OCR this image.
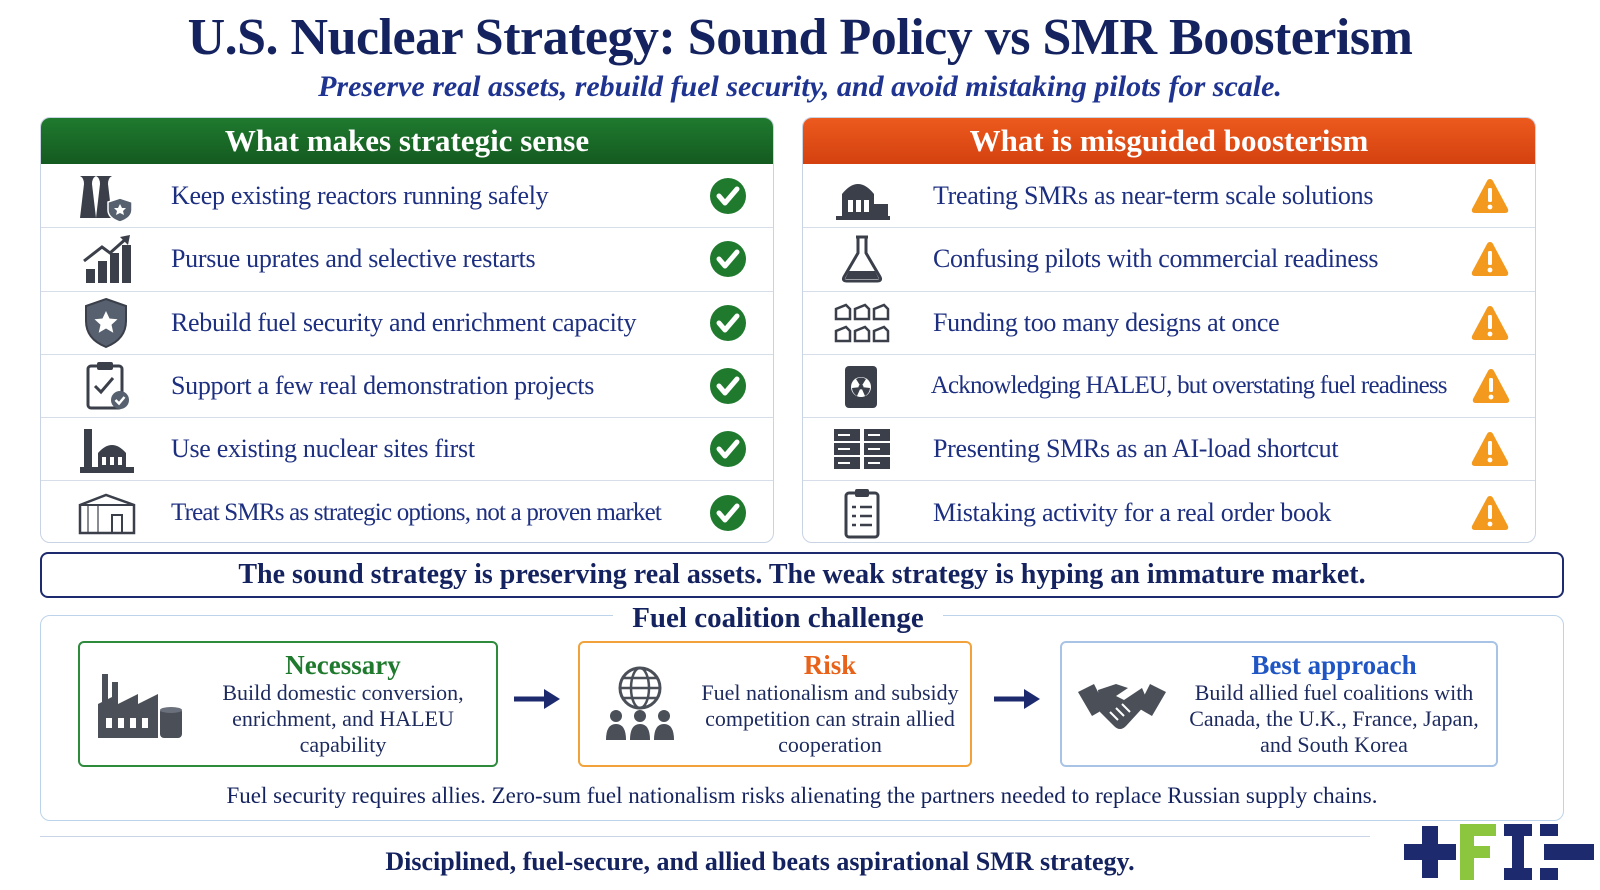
U.S. Nuclear Strategy: Sound Policy vs SMR Boosterism
Preserve real assets, rebuild fuel security, and avoid mistaking pilots for scale.
What makes strategic sense
Keep existing reactors running safely
Pursue uprates and selective restarts
Rebuild fuel security and enrichment capacity
Support a few real demonstration projects
Use existing nuclear sites first
Treat SMRs as strategic options, not a proven market
What is misguided boosterism
Treating SMRs as near-term scale solutions
Confusing pilots with commercial readiness
Funding too many designs at once
Acknowledging HALEU, but overstating fuel readiness
Presenting SMRs as an AI-load shortcut
Mistaking activity for a real order book
The sound strategy is preserving real assets. The weak strategy is hyping an immature market.
Fuel coalition challenge
Necessary
Build domestic conversion, enrichment, and HALEU capability
Risk
Fuel nationalism and subsidy competition can strain allied cooperation
Best approach
Build allied fuel coalitions with Canada, the U.K., France, Japan, and South Korea
Fuel security requires allies. Zero-sum fuel nationalism risks alienating the partners needed to replace Russian supply chains.
Disciplined, fuel-secure, and allied beats aspirational SMR strategy.
